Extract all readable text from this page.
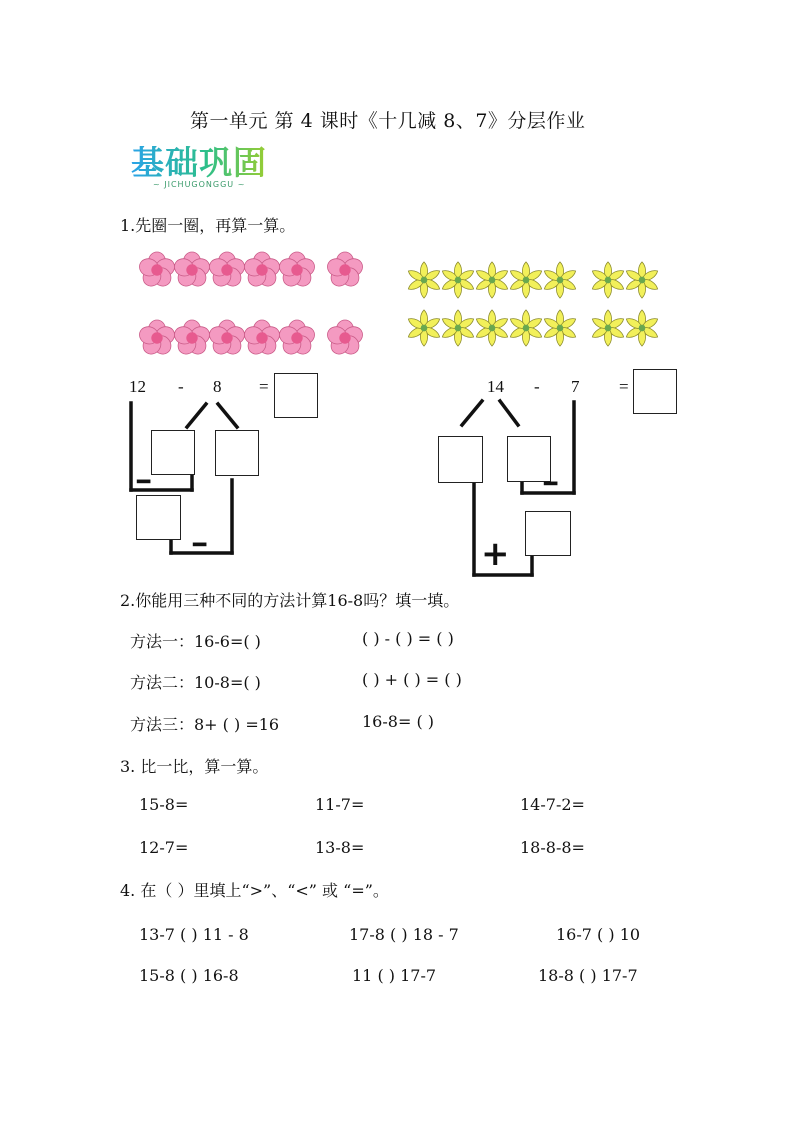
第一单元 第 4 课时《十几减 8、7》分层作业
基础巩固
~ JICHUGONGGU ~
1.先圈一圈，再算一算。
12 - 8 =
━
━
14 - 7 =
━
+
2.你能用三种不同的方法计算16-8吗？填一填。
方法一：16-6=( )	( ) - ( ) = ( )
方法二：10-8=( )	( ) + ( ) = ( )
方法三：8+ ( ) =16	16-8= ( )
3. 比一比，算一算。
15-8=	11-7=	14-7-2=
12-7=	13-8=	18-8-8=
4. 在（ ）里填上“>”、“<” 或 “=”。
13-7 ( ) 11 - 8	17-8 ( ) 18 - 7	16-7 ( ) 10
15-8 ( ) 16-8	11 ( ) 17-7	18-8 ( ) 17-7
